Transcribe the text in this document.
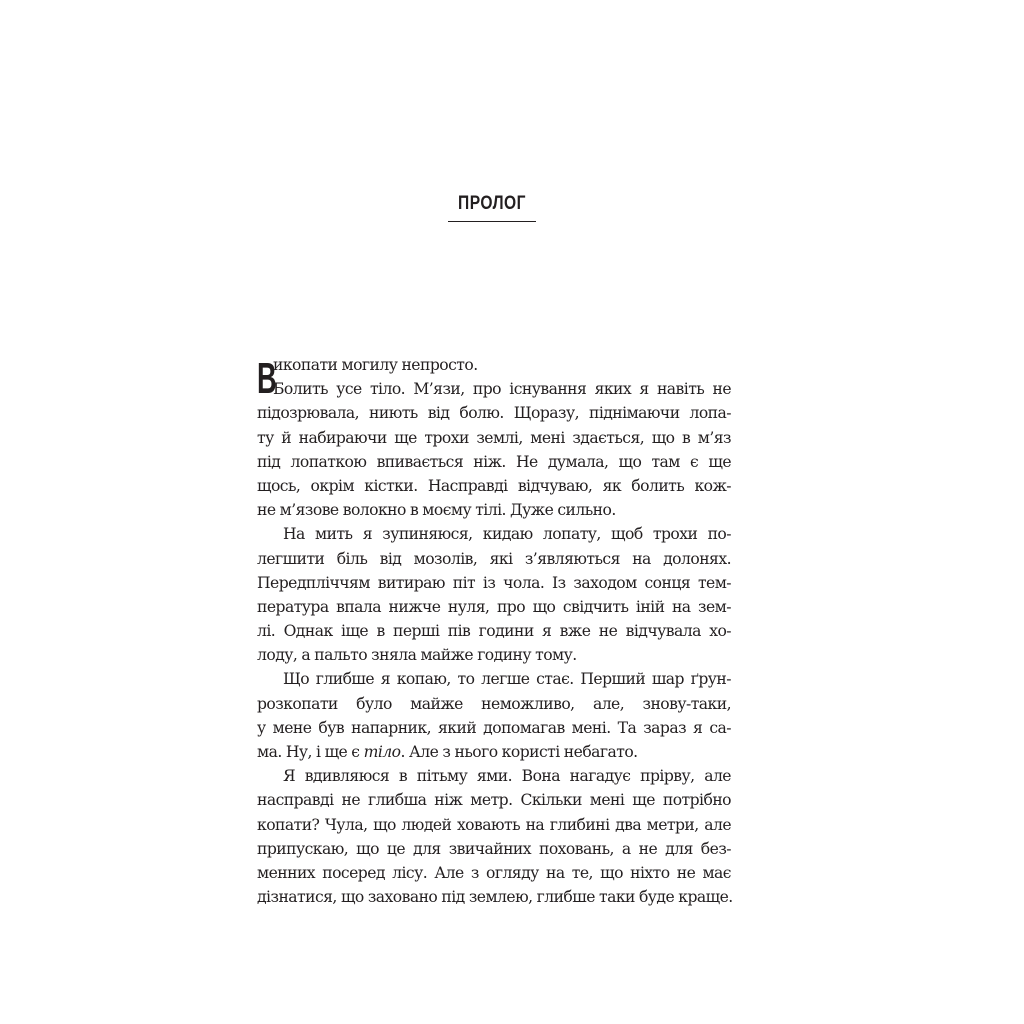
ПРОЛОГ
В
икопати могилу непросто.
Болить усе тіло. М’язи, про існування яких я навіть не
підозрювала, ниють від болю. Щоразу, піднімаючи лопа-
ту й набираючи ще трохи землі, мені здається, що в м’яз
під лопаткою впивається ніж. Не думала, що там є ще
щось, окрім кістки. Насправді відчуваю, як болить кож-
не м’язове волокно в моєму тілі. Дуже сильно.
На мить я зупиняюся, кидаю лопату, щоб трохи по-
легшити біль від мозолів, які з’являються на долонях.
Передпліччям витираю піт із чола. Із заходом сонця тем-
пература впала нижче нуля, про що свідчить іній на зем-
лі. Однак іще в перші пів години я вже не відчувала хо-
лоду, а пальто зняла майже годину тому.
Що глибше я копаю, то легше стає. Перший шар ґрун-
розкопати було майже неможливо, але, знову-таки,
у мене був напарник, який допомагав мені. Та зараз я са-
ма. Ну, і ще є тіло. Але з нього користі небагато.
Я вдивляюся в пітьму ями. Вона нагадує прірву, але
насправді не глибша ніж метр. Скільки мені ще потрібно
копати? Чула, що людей ховають на глибині два метри, але
припускаю, що це для звичайних поховань, а не для без-
менних посеред лісу. Але з огляду на те, що ніхто не має
дізнатися, що заховано під землею, глибше таки буде краще.
